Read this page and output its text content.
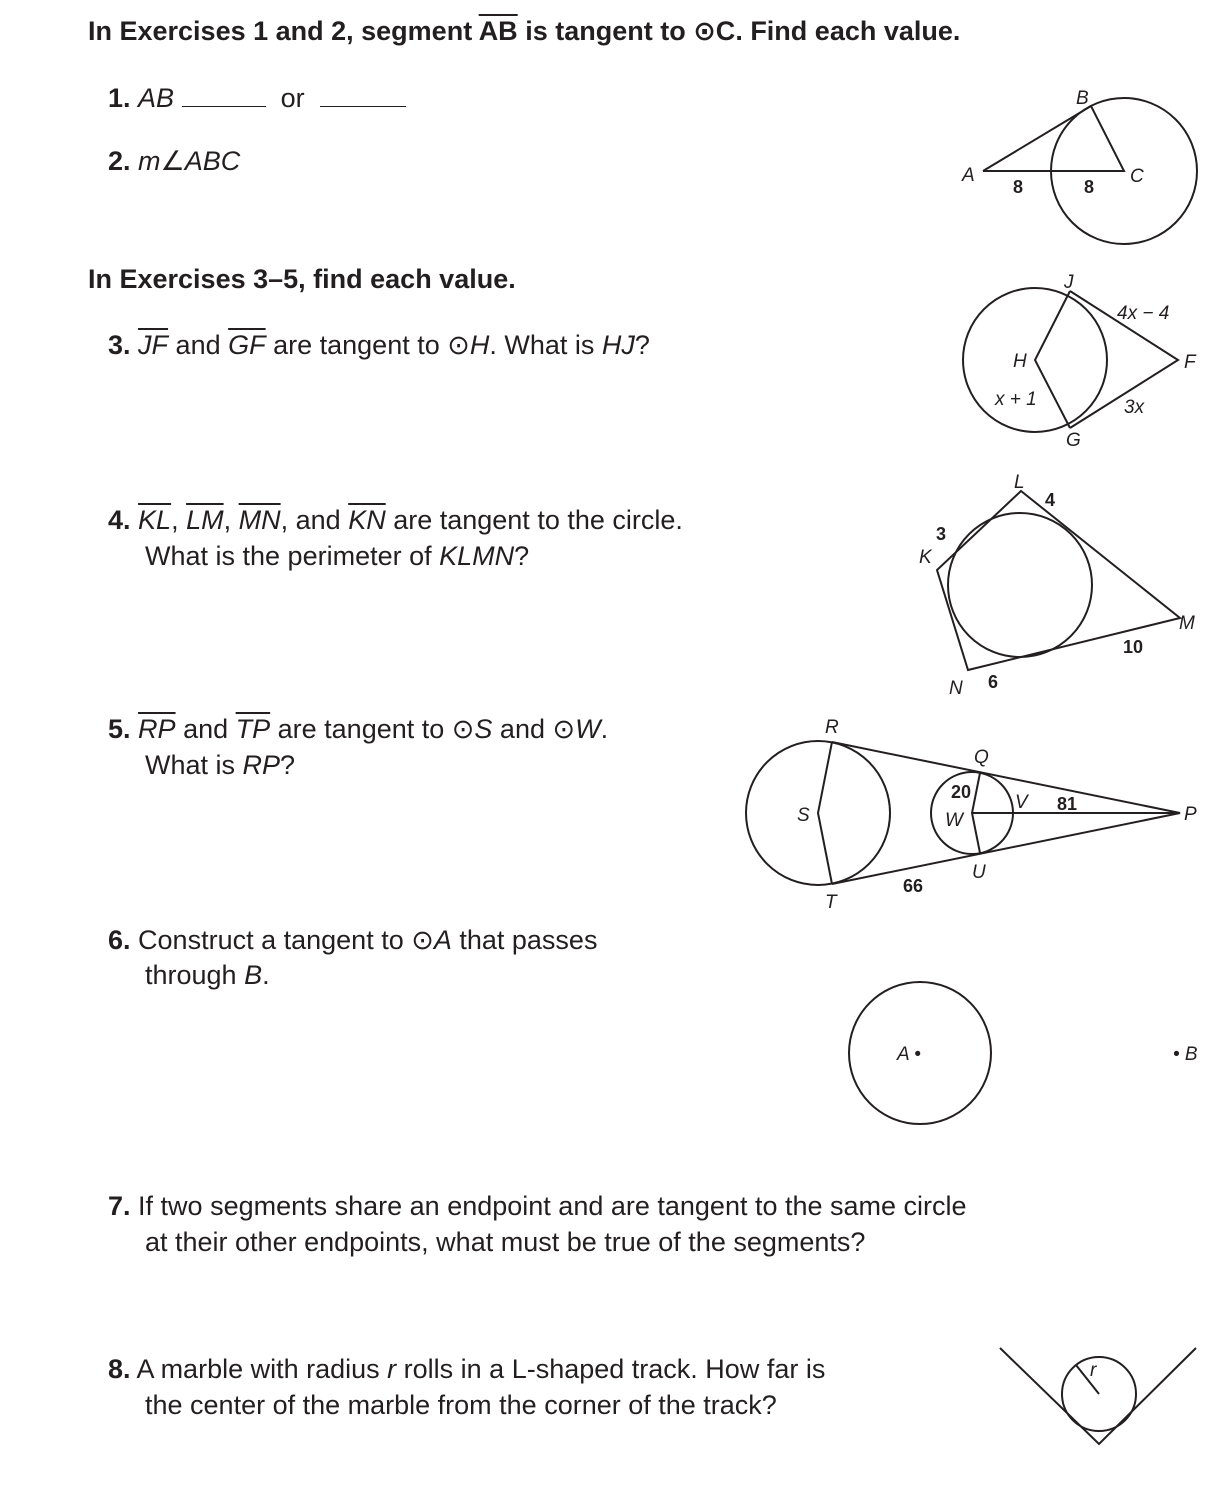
In Exercises 1 and 2, segment $\overline{AB}$ is tangent to ⊙C. Find each value.
1. AB	or
2. m∠ABC
In Exercises 3–5, find each value.
3. $\overline{JF}$ and $\overline{GF}$ are tangent to ⊙H. What is HJ?
4. $\overline{KL}$, $\overline{LM}$, $\overline{MN}$, and $\overline{KN}$ are tangent to the circle.
What is the perimeter of KLMN?
5. $\overline{RP}$ and $\overline{TP}$ are tangent to ⊙S and ⊙W.
What is RP?
6. Construct a tangent to ⊙A that passes
through B.
7. If two segments share an endpoint and are tangent to the same circle
at their other endpoints, what must be true of the segments?
8. A marble with radius r rolls in a L-shaped track. How far is
the center of the marble from the corner of the track?
B
A	C
8	8
J
H	F
G
4x − 4
3x
x + 1
L
K
M
N
4
3
10
6
R
S
T
Q
W
V
U
P
20
81
66
A •	• B
r
